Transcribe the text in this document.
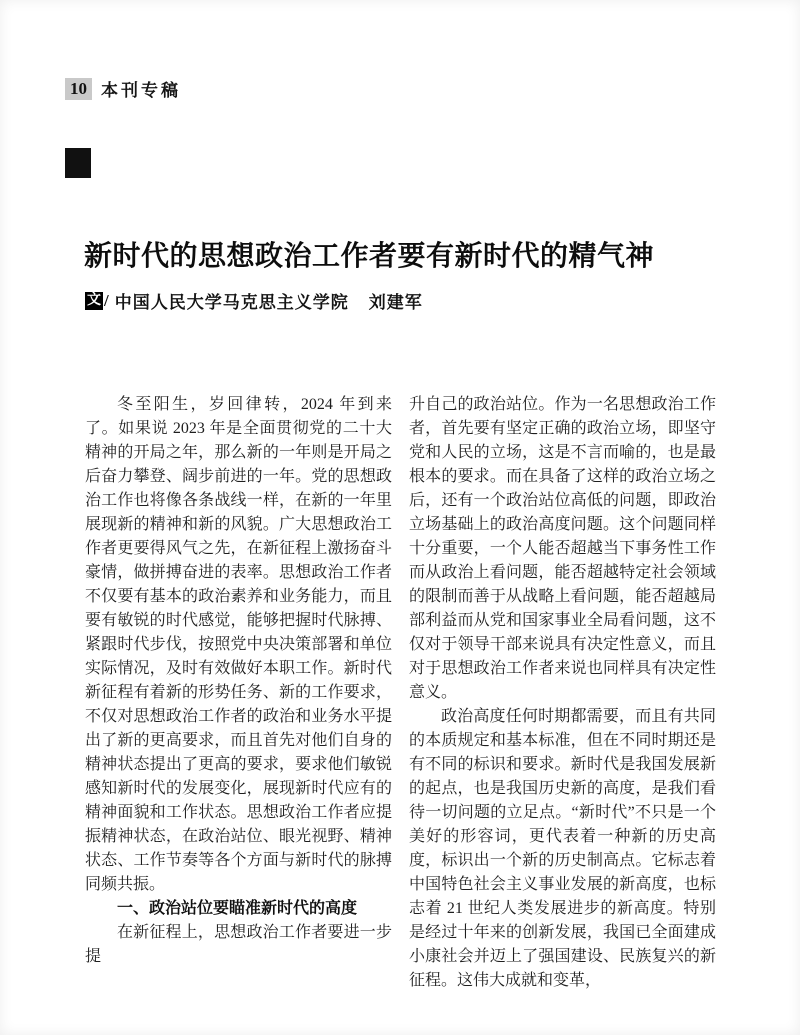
10 本刊专稿
新时代的思想政治工作者要有新时代的精气神
文 / 中国人民大学马克思主义学院 刘建军

冬至阳生，岁回律转，2024 年到来了。如果说 2023 年是全面贯彻党的二十大精神的开局之年，那么新的一年则是开局之后奋力攀登、阔步前进的一年。党的思想政治工作也将像各条战线一样，在新的一年里展现新的精神和新的风貌。广大思想政治工作者更要得风气之先，在新征程上激扬奋斗豪情，做拼搏奋进的表率。思想政治工作者不仅要有基本的政治素养和业务能力，而且要有敏锐的时代感觉，能够把握时代脉搏、紧跟时代步伐，按照党中央决策部署和单位实际情况，及时有效做好本职工作。新时代新征程有着新的形势任务、新的工作要求，不仅对思想政治工作者的政治和业务水平提出了新的更高要求，而且首先对他们自身的精神状态提出了更高的要求，要求他们敏锐感知新时代的发展变化，展现新时代应有的精神面貌和工作状态。思想政治工作者应提振精神状态，在政治站位、眼光视野、精神状态、工作节奏等各个方面与新时代的脉搏同频共振。

一、政治站位要瞄准新时代的高度

在新征程上，思想政治工作者要进一步提

升自己的政治站位。作为一名思想政治工作者，首先要有坚定正确的政治立场，即坚守党和人民的立场，这是不言而喻的，也是最根本的要求。而在具备了这样的政治立场之后，还有一个政治站位高低的问题，即政治立场基础上的政治高度问题。这个问题同样十分重要，一个人能否超越当下事务性工作而从政治上看问题，能否超越特定社会领域的限制而善于从战略上看问题，能否超越局部利益而从党和国家事业全局看问题，这不仅对于领导干部来说具有决定性意义，而且对于思想政治工作者来说也同样具有决定性意义。

政治高度任何时期都需要，而且有共同的本质规定和基本标准，但在不同时期还是有不同的标识和要求。新时代是我国发展新的起点，也是我国历史新的高度，是我们看待一切问题的立足点。“新时代”不只是一个美好的形容词，更代表着一种新的历史高度，标识出一个新的历史制高点。它标志着中国特色社会主义事业发展的新高度，也标志着 21 世纪人类发展进步的新高度。特别是经过十年来的创新发展，我国已全面建成小康社会并迈上了强国建设、民族复兴的新征程。这伟大成就和变革，
